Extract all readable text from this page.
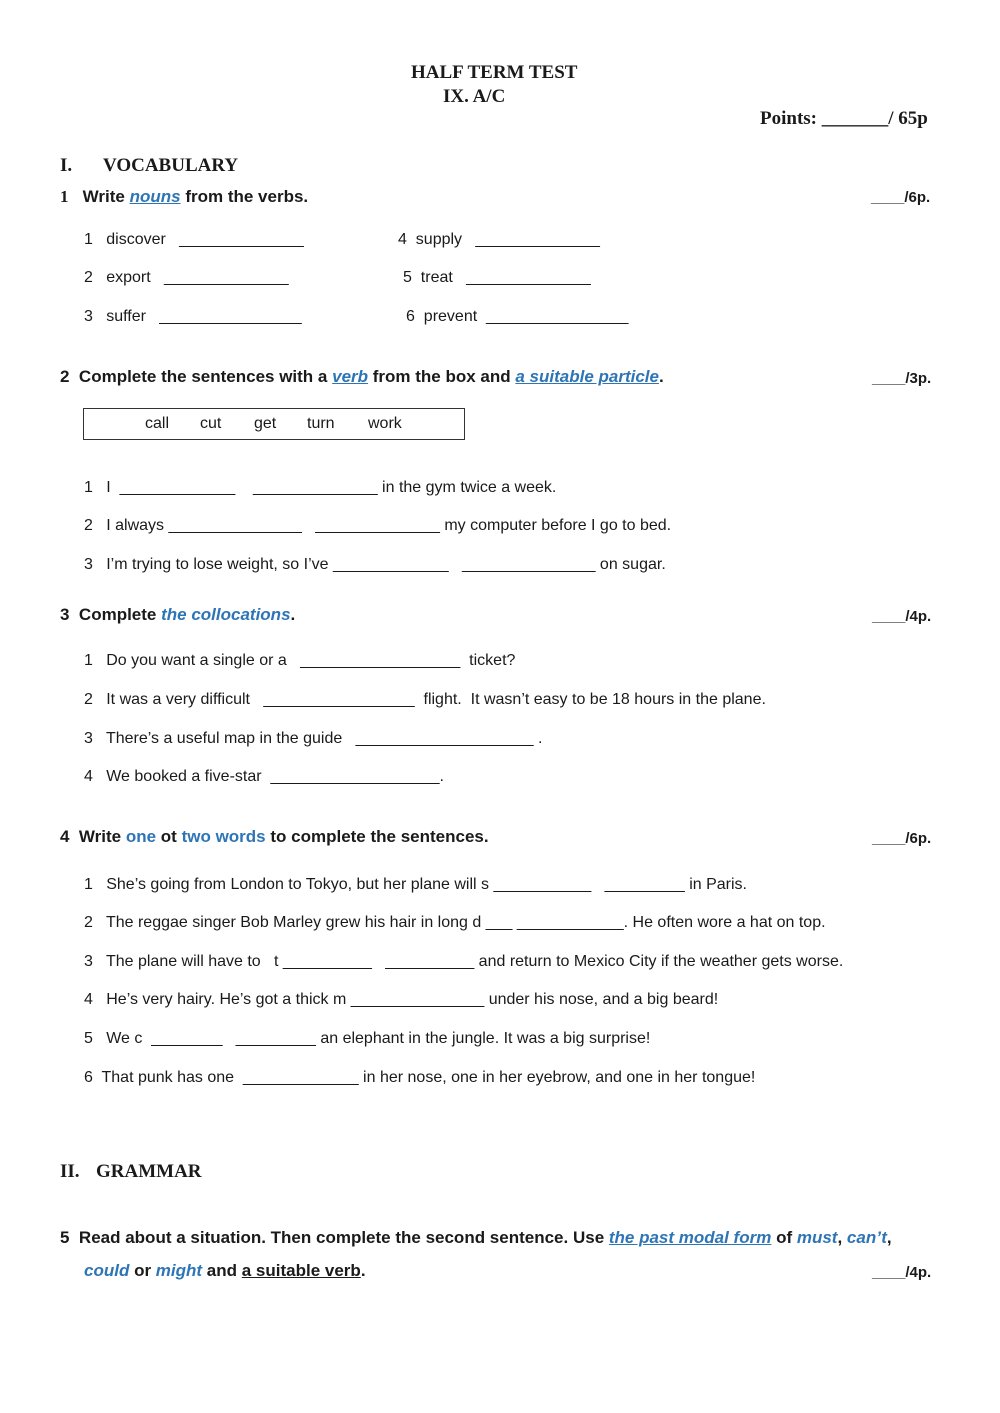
HALF TERM TEST
IX. A/C
Points: _______/ 65p
I. VOCABULARY
1 Write nouns from the verbs.	____/6p.
1   discover   ______________
2   export   ______________
3   suffer   ________________
4  supply   ______________
5  treat   ______________
6  prevent  ________________
2 Complete the sentences with a verb from the box and a suitable particle.	____/3p.
call cut get turn work
1   I  _____________    ______________ in the gym twice a week.
2   I always _______________   ______________ my computer before I go to bed.
3   I’m trying to lose weight, so I’ve _____________   _______________ on sugar.
3 Complete the collocations.	____/4p.
1   Do you want a single or a   __________________  ticket?
2   It was a very difficult   _________________  flight.  It wasn’t easy to be 18 hours in the plane.
3   There’s a useful map in the guide   ____________________ .
4   We booked a five-star  ___________________.
4 Write one ot two words to complete the sentences.	____/6p.
1   She’s going from London to Tokyo, but her plane will s ___________   _________ in Paris.
2   The reggae singer Bob Marley grew his hair in long d ___ ____________. He often wore a hat on top.
3   The plane will have to   t __________   __________ and return to Mexico City if the weather gets worse.
4   He’s very hairy. He’s got a thick m _______________ under his nose, and a big beard!
5   We c  ________   _________ an elephant in the jungle. It was a big surprise!
6  That punk has one  _____________ in her nose, one in her eyebrow, and one in her tongue!
II. GRAMMAR
5 Read about a situation. Then complete the second sentence. Use the past modal form of must, can’t,
could or might and a suitable verb.	____/4p.
